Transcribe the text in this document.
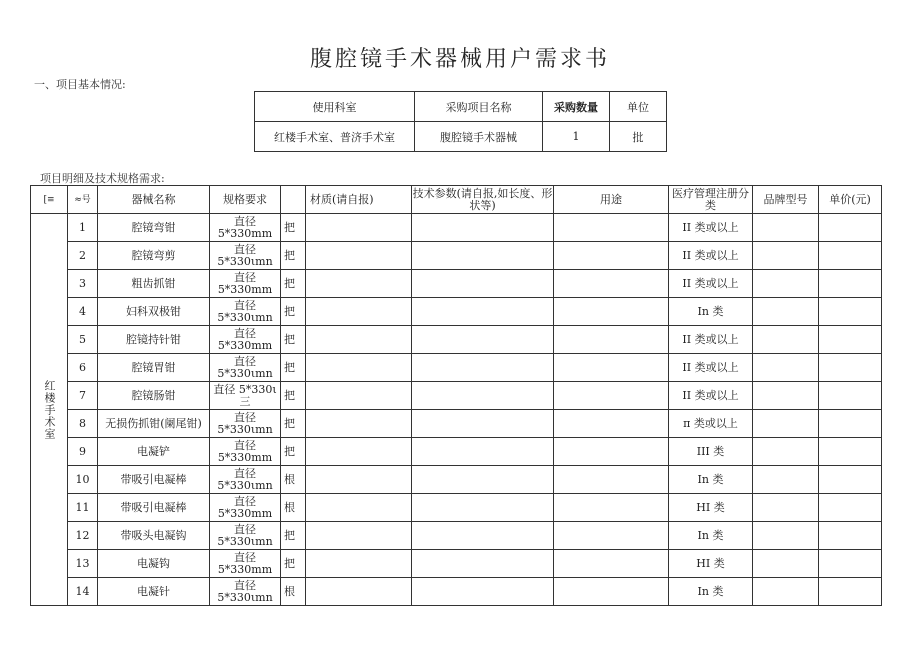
腹腔镜手术器械用户需求书
一、项目基本情况:
使用科室	采购项目名称	采购数量	单位
红楼手术室、普济手术室	腹腔镜手术器械	1	批
项目明细及技术规格需求:
[≡	≈号	器械名称	规格要求		材质(请自报)	技术参数(请自报,如长度、形状等)	用途	医疗管理注册分类	品牌型号	单价(元)
红楼手术室	1	腔镜弯钳	直径 5*330mm	把				II 类或以上		
	2	腔镜弯剪	直径 5*330ιmn	把				II 类或以上		
	3	粗齿抓钳	直径 5*330mm	把				II 类或以上		
	4	妇科双极钳	直径 5*330ιmn	把				In 类		
	5	腔镜持针钳	直径 5*330mm	把				II 类或以上		
	6	腔镜胃钳	直径 5*330ιmn	把				II 类或以上		
	7	腔镜肠钳	直径 5*330ι三	把				II 类或以上		
	8	无损伤抓钳(阑尾钳)	直径 5*330ιmn	把				π 类或以上		
	9	电凝铲	直径 5*330mm	把				III 类		
	10	带吸引电凝棒	直径 5*330ιmn	根				In 类		
	11	带吸引电凝棒	直径 5*330mm	根				HI 类		
	12	带吸头电凝钩	直径 5*330ιmn	把				In 类		
	13	电凝钩	直径 5*330mm	把				HI 类		
	14	电凝针	直径 5*330ιmn	根				In 类		
